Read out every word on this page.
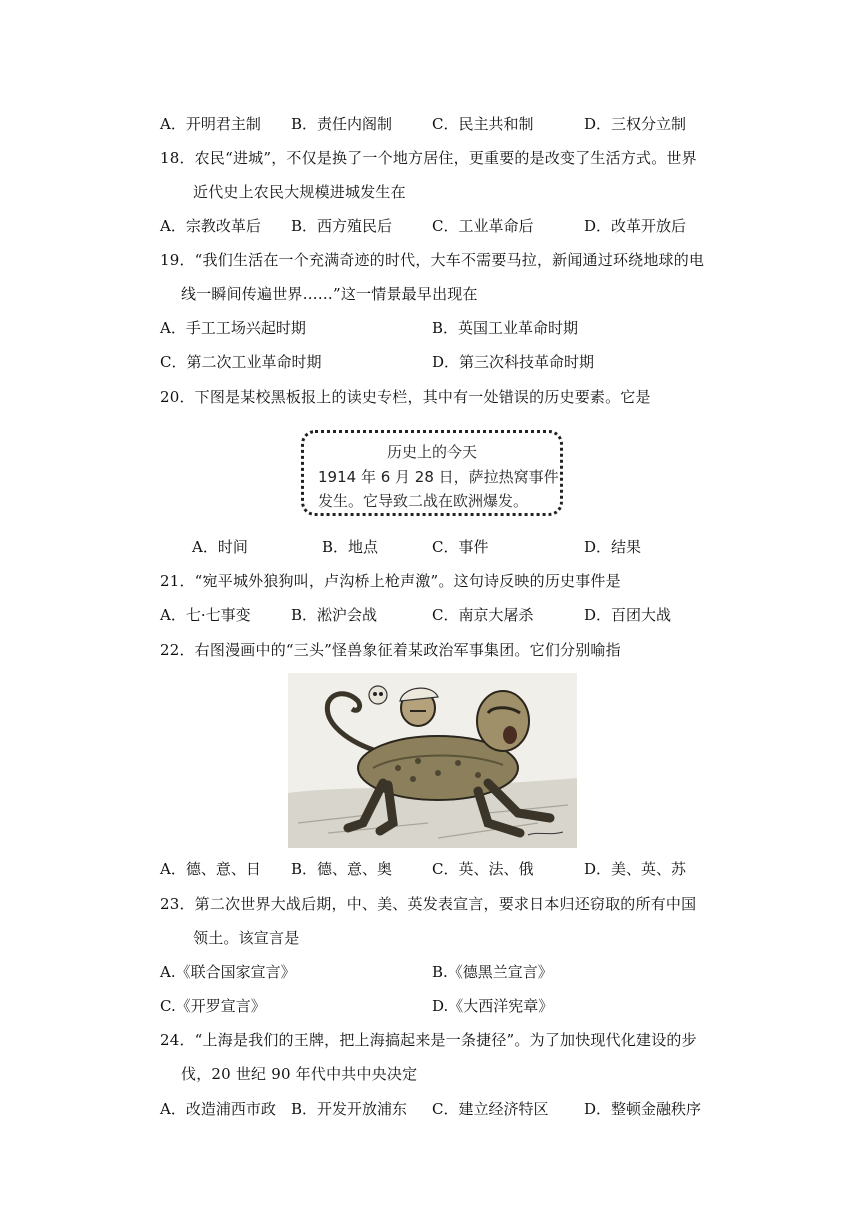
A．开明君主制 B．责任内阁制	C．民主共和制	D．三权分立制
18．农民“进城”，不仅是换了一个地方居住，更重要的是改变了生活方式。世界
近代史上农民大规模进城发生在
A．宗教改革后 B．西方殖民后	C．工业革命后	D．改革开放后
19．“我们生活在一个充满奇迹的时代，大车不需要马拉，新闻通过环绕地球的电
线一瞬间传遍世界……”这一情景最早出现在
A．手工工场兴起时期	B．英国工业革命时期
C．第二次工业革命时期	D．第三次科技革命时期
20．下图是某校黑板报上的读史专栏，其中有一处错误的历史要素。它是
历史上的今天
1914 年 6 月 28 日，萨拉热窝事件
发生。它导致二战在欧洲爆发。
A．时间	B．地点	C．事件	D．结果
21．“宛平城外狼狗叫，卢沟桥上枪声激”。这句诗反映的历史事件是
A．七·七事变	B．淞沪会战	C．南京大屠杀	D．百团大战
22．右图漫画中的“三头”怪兽象征着某政治军事集团。它们分别喻指
A．德、意、日 B．德、意、奥	C．英、法、俄	D．美、英、苏
23．第二次世界大战后期，中、美、英发表宣言，要求日本归还窃取的所有中国
领土。该宣言是
A.《联合国家宣言》	B.《德黑兰宣言》
C.《开罗宣言》	D.《大西洋宪章》
24．“上海是我们的王牌，把上海搞起来是一条捷径”。为了加快现代化建设的步
伐，20 世纪 90 年代中共中央决定
A．改造浦西市政 B．开发开放浦东 C．建立经济特区 D．整顿金融秩序
